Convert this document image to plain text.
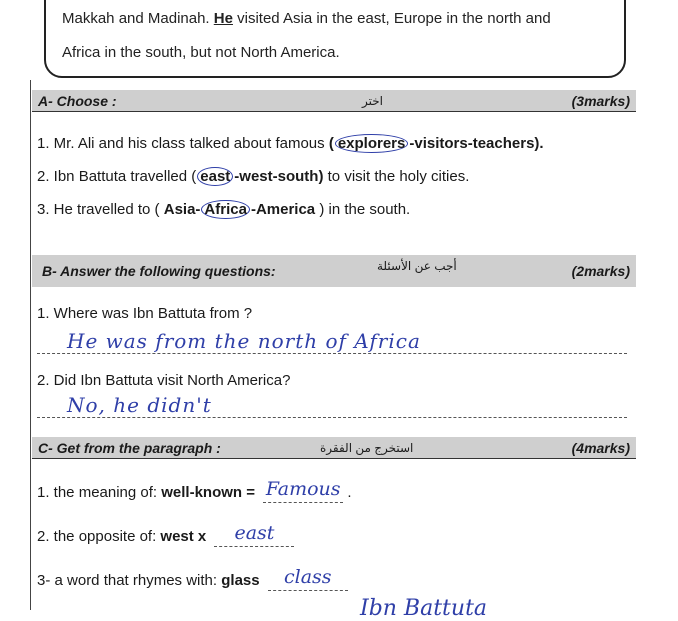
Makkah and Madinah. He visited Asia in the east, Europe in the north and
Africa in the south, but not North America.
A- Choose :	اختر	(3marks)
1. Mr. Ali and his class talked about famous ( explorers -visitors-teachers).
2. Ibn Battuta travelled ( east -west-south) to visit the holy cities.
3. He travelled to ( Asia- Africa -America ) in the south.
B- Answer the following questions:	أجب عن الأسئلة	(2marks)
1. Where was Ibn Battuta from ?
He was from the north of Africa
2. Did Ibn Battuta visit North America?
No, he didn't
C- Get from the paragraph :	استخرج من الفقرة	(4marks)
1. the meaning of: well-known = Famous .
2. the opposite of: west x east
3- a word that rhymes with: glass class
Ibn Battuta
